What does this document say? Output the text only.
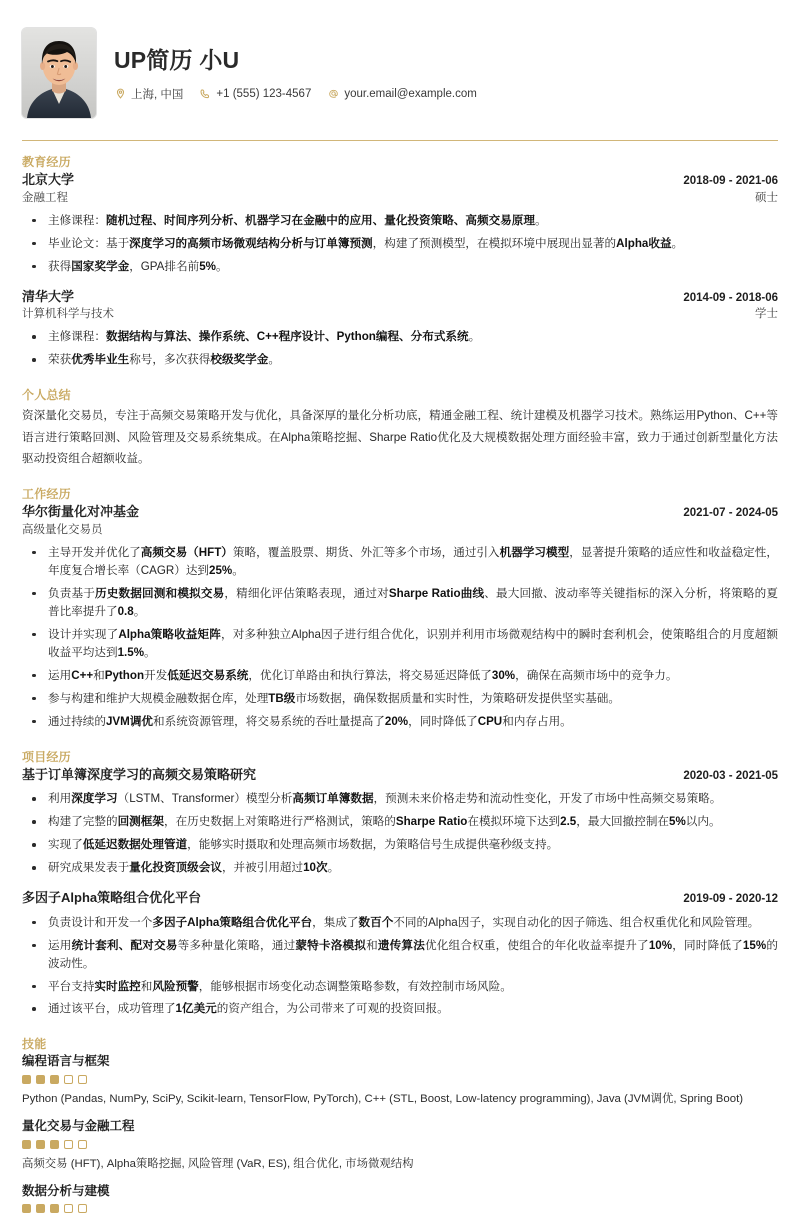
UP简历 小U
上海, 中国	+1 (555) 123-4567	your.email@example.com
教育经历
北京大学	2018-09 - 2021-06
金融工程	硕士
主修课程：随机过程、时间序列分析、机器学习在金融中的应用、量化投资策略、高频交易原理。
毕业论文：基于深度学习的高频市场微观结构分析与订单簿预测，构建了预测模型，在模拟环境中展现出显著的Alpha收益。
获得国家奖学金，GPA排名前5%。
清华大学	2014-09 - 2018-06
计算机科学与技术	学士
主修课程：数据结构与算法、操作系统、C++程序设计、Python编程、分布式系统。
荣获优秀毕业生称号，多次获得校级奖学金。
个人总结

资深量化交易员，专注于高频交易策略开发与优化，具备深厚的量化分析功底，精通金融工程、统计建模及机器学习技术。熟练运用Python、C++等语言进行策略回测、风险管理及交易系统集成。在Alpha策略挖掘、Sharpe Ratio优化及大规模数据处理方面经验丰富，致力于通过创新型量化方法驱动投资组合超额收益。

工作经历
华尔街量化对冲基金	2021-07 - 2024-05
高级量化交易员
主导开发并优化了高频交易（HFT）策略，覆盖股票、期货、外汇等多个市场，通过引入机器学习模型，显著提升策略的适应性和收益稳定性，年度复合增长率（CAGR）达到25%。
负责基于历史数据回测和模拟交易，精细化评估策略表现，通过对Sharpe Ratio曲线、最大回撤、波动率等关键指标的深入分析，将策略的夏普比率提升了0.8。
设计并实现了Alpha策略收益矩阵，对多种独立Alpha因子进行组合优化，识别并利用市场微观结构中的瞬时套利机会，使策略组合的月度超额收益平均达到1.5%。
运用C++和Python开发低延迟交易系统，优化订单路由和执行算法，将交易延迟降低了30%，确保在高频市场中的竞争力。
参与构建和维护大规模金融数据仓库，处理TB级市场数据，确保数据质量和实时性，为策略研发提供坚实基础。
通过持续的JVM调优和系统资源管理，将交易系统的吞吐量提高了20%，同时降低了CPU和内存占用。
项目经历
基于订单簿深度学习的高频交易策略研究	2020-03 - 2021-05
利用深度学习（LSTM、Transformer）模型分析高频订单簿数据，预测未来价格走势和流动性变化，开发了市场中性高频交易策略。
构建了完整的回测框架，在历史数据上对策略进行严格测试，策略的Sharpe Ratio在模拟环境下达到2.5，最大回撤控制在5%以内。
实现了低延迟数据处理管道，能够实时摄取和处理高频市场数据，为策略信号生成提供毫秒级支持。
研究成果发表于量化投资顶级会议，并被引用超过10次。
多因子Alpha策略组合优化平台	2019-09 - 2020-12
负责设计和开发一个多因子Alpha策略组合优化平台，集成了数百个不同的Alpha因子，实现自动化的因子筛选、组合权重优化和风险管理。
运用统计套利、配对交易等多种量化策略，通过蒙特卡洛模拟和遗传算法优化组合权重，使组合的年化收益率提升了10%，同时降低了15%的波动性。
平台支持实时监控和风险预警，能够根据市场变化动态调整策略参数，有效控制市场风险。
通过该平台，成功管理了1亿美元的资产组合，为公司带来了可观的投资回报。
技能
编程语言与框架
Python (Pandas, NumPy, SciPy, Scikit-learn, TensorFlow, PyTorch), C++ (STL, Boost, Low-latency programming), Java (JVM调优, Spring Boot)
量化交易与金融工程
高频交易 (HFT), Alpha策略挖掘, 风险管理 (VaR, ES), 组合优化, 市场微观结构
数据分析与建模
